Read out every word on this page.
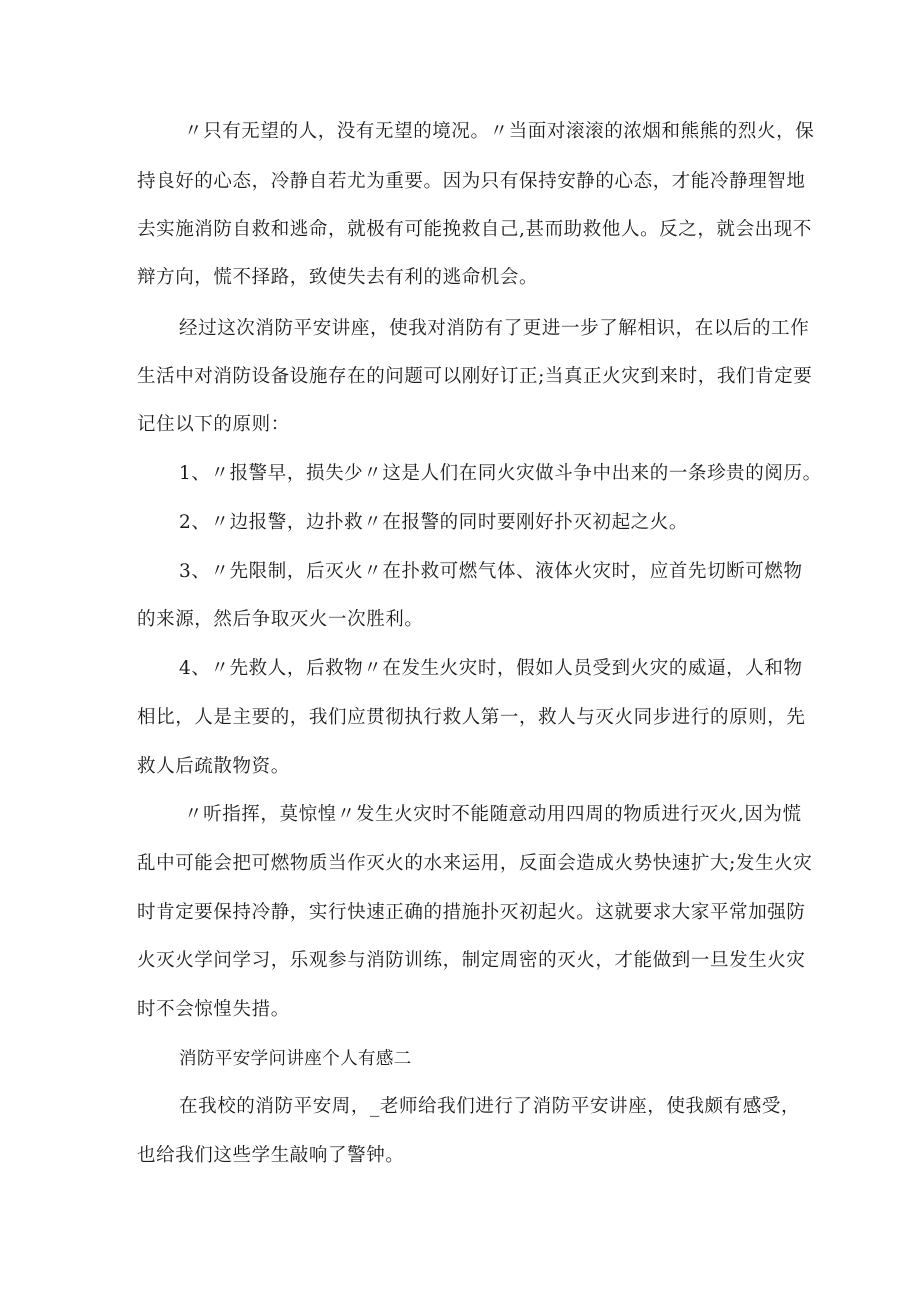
〃只有无望的人，没有无望的境况。〃当面对滚滚的浓烟和熊熊的烈火，保

持良好的心态，冷静自若尤为重要。因为只有保持安静的心态，才能冷静理智地

去实施消防自救和逃命，就极有可能挽救自己,甚而助救他人。反之，就会出现不

辩方向，慌不择路，致使失去有利的逃命机会。

经过这次消防平安讲座，使我对消防有了更进一步了解相识，在以后的工作

生活中对消防设备设施存在的问题可以刚好订正;当真正火灾到来时，我们肯定要

记住以下的原则：

1、〃报警早，损失少〃这是人们在同火灾做斗争中出来的一条珍贵的阅历。

2、〃边报警，边扑救〃在报警的同时要刚好扑灭初起之火。

3、〃先限制，后灭火〃在扑救可燃气体、液体火灾时，应首先切断可燃物

的来源，然后争取灭火一次胜利。

4、〃先救人，后救物〃在发生火灾时，假如人员受到火灾的威逼，人和物

相比，人是主要的，我们应贯彻执行救人第一，救人与灭火同步进行的原则，先

救人后疏散物资。

〃听指挥，莫惊惶〃发生火灾时不能随意动用四周的物质进行灭火,因为慌

乱中可能会把可燃物质当作灭火的水来运用，反面会造成火势快速扩大;发生火灾

时肯定要保持冷静，实行快速正确的措施扑灭初起火。这就要求大家平常加强防

火灭火学问学习，乐观参与消防训练，制定周密的灭火，才能做到一旦发生火灾

时不会惊惶失措。

消防平安学问讲座个人有感二

在我校的消防平安周，_老师给我们进行了消防平安讲座，使我颇有感受，

也给我们这些学生敲响了警钟。
